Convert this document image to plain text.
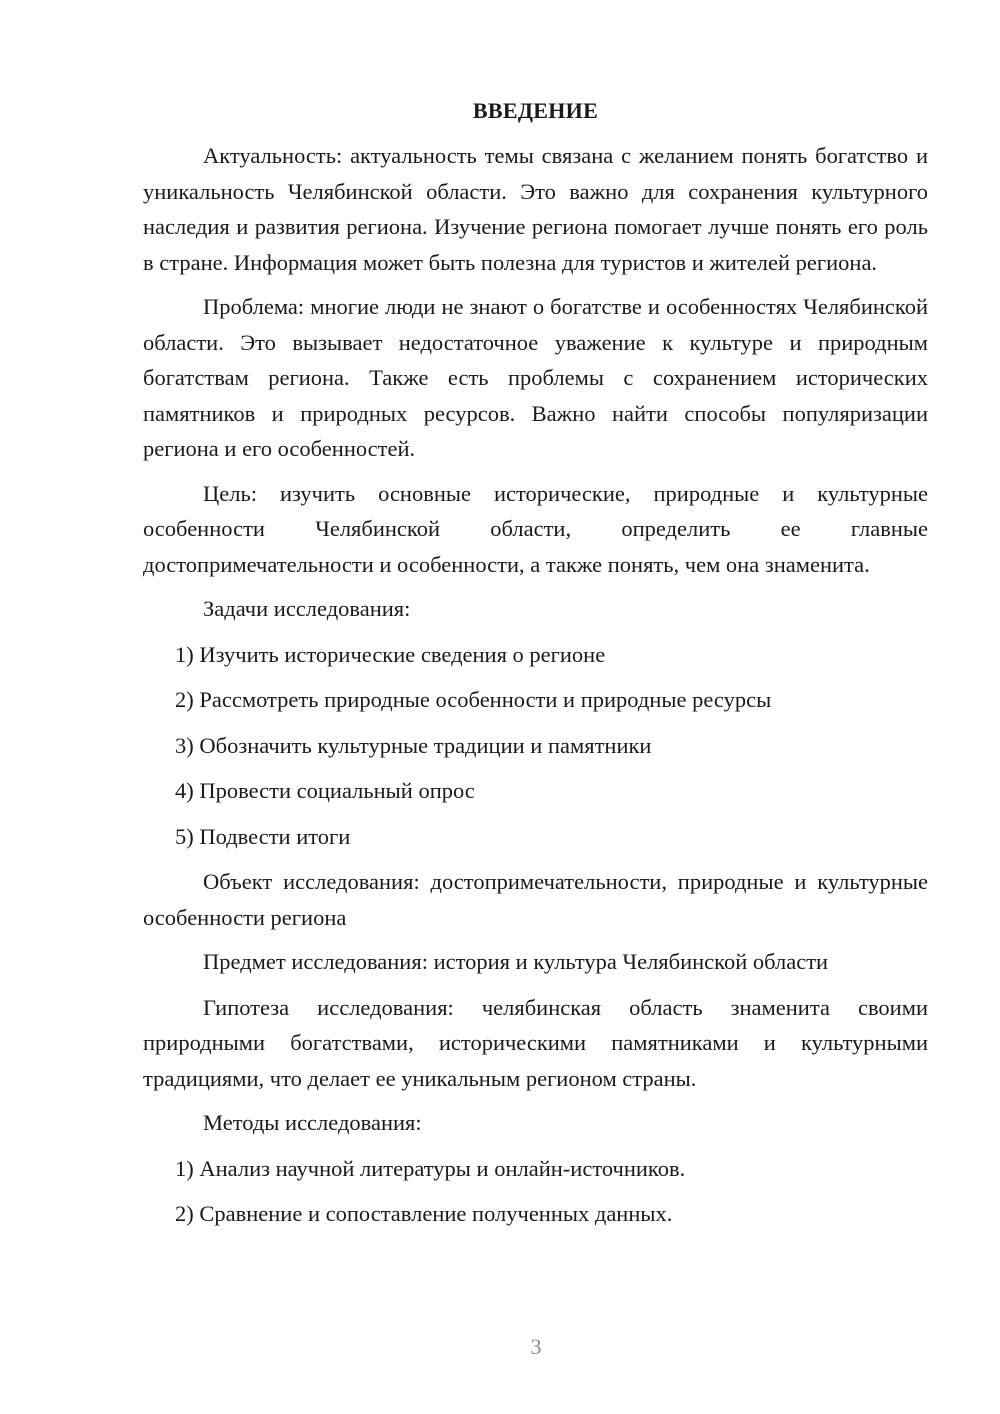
ВВЕДЕНИЕ

Актуальность: актуальность темы связана с желанием понять богатство и уникальность Челябинской области. Это важно для сохранения культурного наследия и развития региона. Изучение региона помогает лучше понять его роль в стране. Информация может быть полезна для туристов и жителей региона.

Проблема: многие люди не знают о богатстве и особенностях Челябинской области. Это вызывает недостаточное уважение к культуре и природным богатствам региона. Также есть проблемы с сохранением исторических памятников и природных ресурсов. Важно найти способы популяризации региона и его особенностей.

Цель: изучить основные исторические, природные и культурные особенности Челябинской области, определить ее главные достопримечательности и особенности, а также понять, чем она знаменита.

Задачи исследования:

1) Изучить исторические сведения о регионе
2) Рассмотреть природные особенности и природные ресурсы
3) Обозначить культурные традиции и памятники
4) Провести социальный опрос
5) Подвести итоги

Объект исследования: достопримечательности, природные и культурные особенности региона

Предмет исследования: история и культура Челябинской области

Гипотеза исследования: челябинская область знаменита своими природными богатствами, историческими памятниками и культурными традициями, что делает ее уникальным регионом страны.

Методы исследования:

1) Анализ научной литературы и онлайн-источников.
2) Сравнение и сопоставление полученных данных.
3
